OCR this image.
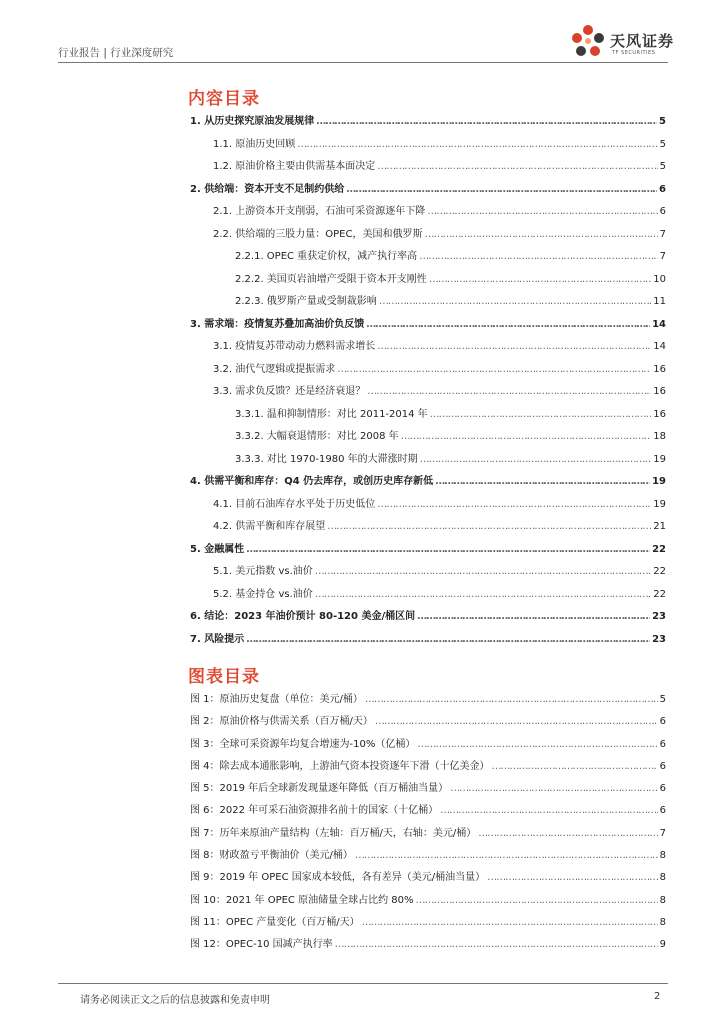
行业报告 | 行业深度研究
天风证券
TF SECURITIES
内容目录
1. 从历史探究原油发展规律 …………………………………………………………………………………………………………………………………………………………………………………………	5
1.1. 原油历史回顾 …………………………………………………………………………………………………………………………………………………………………………………………	5
1.2. 原油价格主要由供需基本面决定 …………………………………………………………………………………………………………………………………………………………………………………………	5
2. 供给端：资本开支不足制约供给 …………………………………………………………………………………………………………………………………………………………………………………………	6
2.1. 上游资本开支削弱，石油可采资源逐年下降 …………………………………………………………………………………………………………………………………………………………………………………………	6
2.2. 供给端的三股力量：OPEC，美国和俄罗斯 …………………………………………………………………………………………………………………………………………………………………………………………	7
2.2.1. OPEC 重获定价权，减产执行率高 …………………………………………………………………………………………………………………………………………………………………………………………	7
2.2.2. 美国页岩油增产受限于资本开支刚性 …………………………………………………………………………………………………………………………………………………………………………………………	10
2.2.3. 俄罗斯产量或受制裁影响 …………………………………………………………………………………………………………………………………………………………………………………………	11
3. 需求端：疫情复苏叠加高油价负反馈 …………………………………………………………………………………………………………………………………………………………………………………………	14
3.1. 疫情复苏带动动力燃料需求增长 …………………………………………………………………………………………………………………………………………………………………………………………	14
3.2. 油代气逻辑或提振需求 …………………………………………………………………………………………………………………………………………………………………………………………	16
3.3. 需求负反馈？还是经济衰退？ …………………………………………………………………………………………………………………………………………………………………………………………	16
3.3.1. 温和抑制情形：对比 2011-2014 年 …………………………………………………………………………………………………………………………………………………………………………………………	16
3.3.2. 大幅衰退情形：对比 2008 年 …………………………………………………………………………………………………………………………………………………………………………………………	18
3.3.3. 对比 1970-1980 年的大滞涨时期 …………………………………………………………………………………………………………………………………………………………………………………………	19
4. 供需平衡和库存：Q4 仍去库存，或创历史库存新低 …………………………………………………………………………………………………………………………………………………………………………………………	19
4.1. 目前石油库存水平处于历史低位 …………………………………………………………………………………………………………………………………………………………………………………………	19
4.2. 供需平衡和库存展望 …………………………………………………………………………………………………………………………………………………………………………………………	21
5. 金融属性 …………………………………………………………………………………………………………………………………………………………………………………………	22
5.1. 美元指数 vs.油价 …………………………………………………………………………………………………………………………………………………………………………………………	22
5.2. 基金持仓 vs.油价 …………………………………………………………………………………………………………………………………………………………………………………………	22
6. 结论：2023 年油价预计 80-120 美金/桶区间 …………………………………………………………………………………………………………………………………………………………………………………………	23
7. 风险提示 …………………………………………………………………………………………………………………………………………………………………………………………	23
图表目录
图 1：原油历史复盘（单位：美元/桶） …………………………………………………………………………………………………………………………………………………………………………………………	5
图 2：原油价格与供需关系（百万桶/天） …………………………………………………………………………………………………………………………………………………………………………………………	6
图 3：全球可采资源年均复合增速为-10%（亿桶） …………………………………………………………………………………………………………………………………………………………………………………………	6
图 4：除去成本通胀影响，上游油气资本投资逐年下滑（十亿美金） …………………………………………………………………………………………………………………………………………………………………………………………	6
图 5：2019 年后全球新发现量逐年降低（百万桶油当量） …………………………………………………………………………………………………………………………………………………………………………………………	6
图 6：2022 年可采石油资源排名前十的国家（十亿桶） …………………………………………………………………………………………………………………………………………………………………………………………	6
图 7：历年来原油产量结构（左轴：百万桶/天，右轴：美元/桶） …………………………………………………………………………………………………………………………………………………………………………………………	7
图 8：财政盈亏平衡油价（美元/桶） …………………………………………………………………………………………………………………………………………………………………………………………	8
图 9：2019 年 OPEC 国家成本较低，各有差异（美元/桶油当量） …………………………………………………………………………………………………………………………………………………………………………………………	8
图 10：2021 年 OPEC 原油储量全球占比约 80% …………………………………………………………………………………………………………………………………………………………………………………………	8
图 11：OPEC 产量变化（百万桶/天） …………………………………………………………………………………………………………………………………………………………………………………………	8
图 12：OPEC-10 国减产执行率 …………………………………………………………………………………………………………………………………………………………………………………………	9
请务必阅读正文之后的信息披露和免责申明	2
